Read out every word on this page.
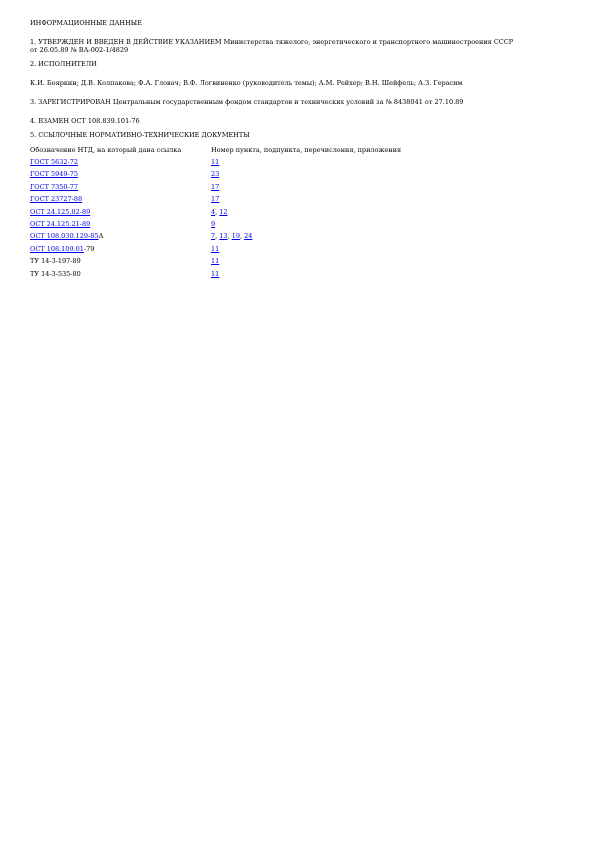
ИНФОРМАЦИОННЫЕ ДАННЫЕ

1. УТВЕРЖДЕН И ВВЕДЕН В ДЕЙСТВИЕ УКАЗАНИЕМ Министерства тяжелого, энергетического и транспортного машиностроения СССР

от 26.05.89 № ВА-002-1/4829

2. ИСПОЛНИТЕЛИ

К.И. Бояркин; Д.В. Колпакова; Ф.А. Гловач; В.Ф. Логвиненко (руководитель темы); А.М. Рейхер; В.Н. Шейфель; А.З. Герасим

3. ЗАРЕГИСТРИРОВАН Центральным государственным фондом стандартов и технических условий за № 8438041 от 27.10.89

4. ВЗАМЕН ОСТ 108.839.101-76

5. ССЫЛОЧНЫЕ НОРМАТИВНО-ТЕХНИЧЕСКИЕ ДОКУМЕНТЫ

Обозначение НТД, на который дана ссылка	Номер пункта, подпункта, перечисления, приложения
ГОСТ 5632-72	11
ГОСТ 5949-75	23
ГОСТ 7350-77	17
ГОСТ 23727-88	17
ОСТ 24.125.02-89	4, 12
ОСТ 24.125.21-89	9
ОСТ 108.030.129-85А	7, 13, 19, 24
ОСТ 108.109.01-79	11
ТУ 14-3-197-89	11
ТУ 14-3-535-80	11
